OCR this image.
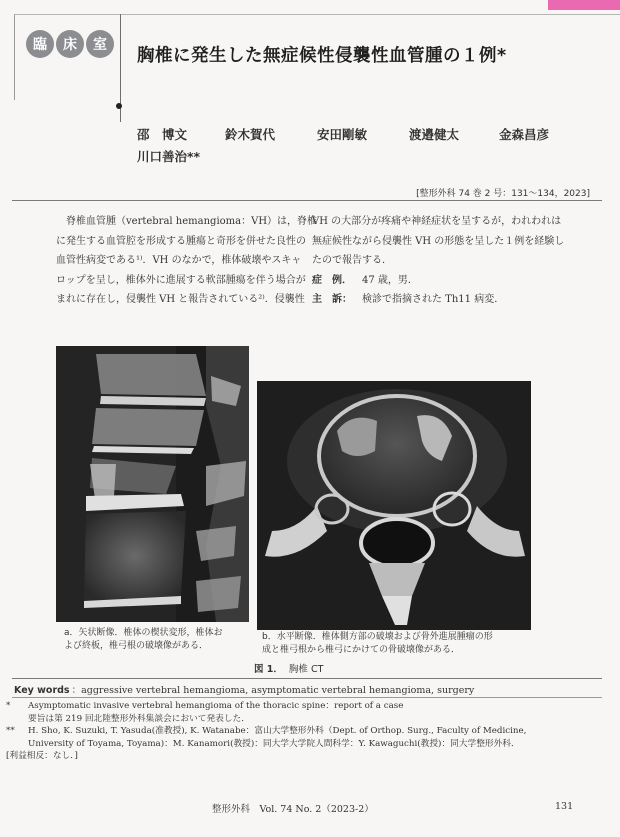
臨	床	室
胸椎に発生した無症候性侵襲性血管腫の１例*
邵　博文	鈴木賀代	安田剛敏	渡邉健太	金森昌彦
川口善治**
[整形外科 74 巻 2 号：131～134，2023]

　脊椎血管腫（vertebral hemangioma：VH）は，脊椎

に発生する血管腔を形成する腫瘍と奇形を併せた良性の

血管性病変である¹⁾．VH のなかで，椎体破壊やスキャ

ロップを呈し，椎体外に進展する軟部腫瘍を伴う場合が

まれに存在し，侵襲性 VH と報告されている²⁾．侵襲性

VH の大部分が疼痛や神経症状を呈するが，われわれは

無症候性ながら侵襲性 VH の形態を呈した１例を経験し

たので報告する．

症　例． 47 歳，男．

主　訴： 検診で指摘された Th11 病変．

a．矢状断像．椎体の楔状変形，椎体お
よび終板，椎弓根の破壊像がある．
b．水平断像．椎体側方部の破壊および骨外進展腫瘤の形
成と椎弓根から椎弓にかけての骨破壊像がある．
図 1． 胸椎 CT
Key words ：aggressive vertebral hemangioma, asymptomatic vertebral hemangioma, surgery

* Asymptomatic invasive vertebral hemangioma of the thoracic spine：report of a case

要旨は第 219 回北陸整形外科集談会において発表した．

** H. Sho, K. Suzuki, T. Yasuda(准教授), K. Watanabe：富山大学整形外科（Dept. of Orthop. Surg., Faculty of Medicine,

University of Toyama, Toyama)：M. Kanamori(教授)：同大学大学院人間科学：Y. Kawaguchi(教授)：同大学整形外科．

[利益相反：なし．]

整形外科　Vol. 74 No. 2（2023-2）	131
